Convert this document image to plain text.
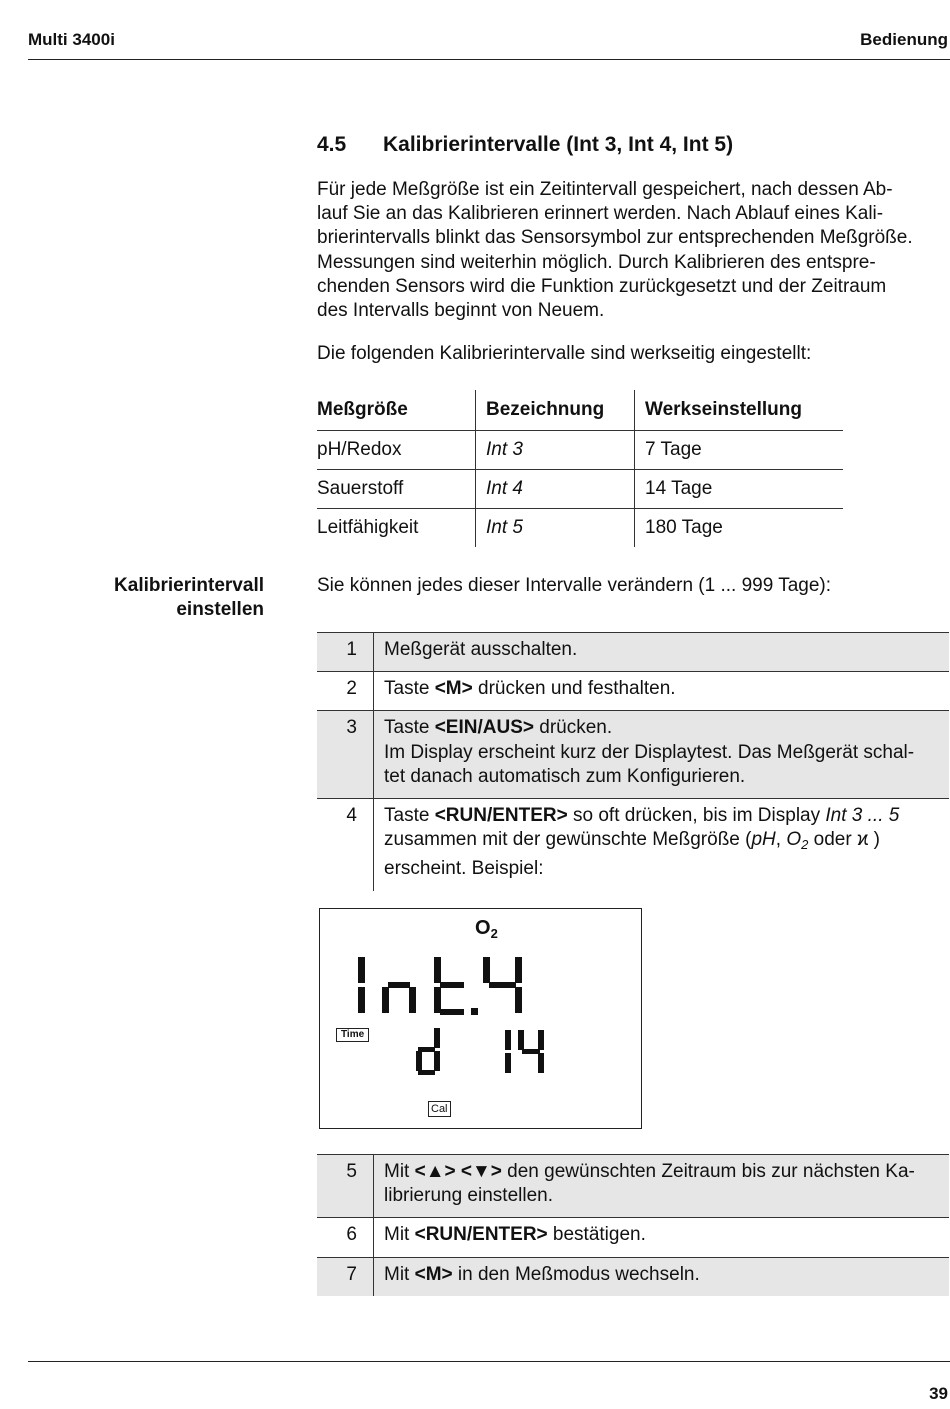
Multi 3400i	Bedienung
4.5 Kalibrierintervalle (Int 3, Int 4, Int 5)
Für jede Meßgröße ist ein Zeitintervall gespeichert, nach dessen Ab-
lauf Sie an das Kalibrieren erinnert werden. Nach Ablauf eines Kali-
brierintervalls blinkt das Sensorsymbol zur entsprechenden Meßgröße.
Messungen sind weiterhin möglich. Durch Kalibrieren des entspre-
chenden Sensors wird die Funktion zurückgesetzt und der Zeitraum
des Intervalls beginnt von Neuem.
Die folgenden Kalibrierintervalle sind werkseitig eingestellt:
Meßgröße	Bezeichnung	Werkseinstellung
pH/Redox	Int 3	7 Tage
Sauerstoff	Int 4	14 Tage
Leitfähigkeit	Int 5	180 Tage
Kalibrierintervall
einstellen
Sie können jedes dieser Intervalle verändern (1 ... 999 Tage):
1	Meßgerät ausschalten.
2	Taste <M> drücken und festhalten.
3	Taste <EIN/AUS> drücken.
Im Display erscheint kurz der Displaytest. Das Meßgerät schal-
tet danach automatisch zum Konfigurieren.

4	Taste <RUN/ENTER> so oft drücken, bis im Display Int 3 ... 5
zusammen mit der gewünschte Meßgröße (pH, $O_2$ oder ϰ )
erscheint. Beispiel:
$O_2$
Time
Cal
5	Mit <▲> <▼> den gewünschten Zeitraum bis zur nächsten Ka-
librierung einstellen.

6	Mit <RUN/ENTER> bestätigen.
7	Mit <M> in den Meßmodus wechseln.
39
